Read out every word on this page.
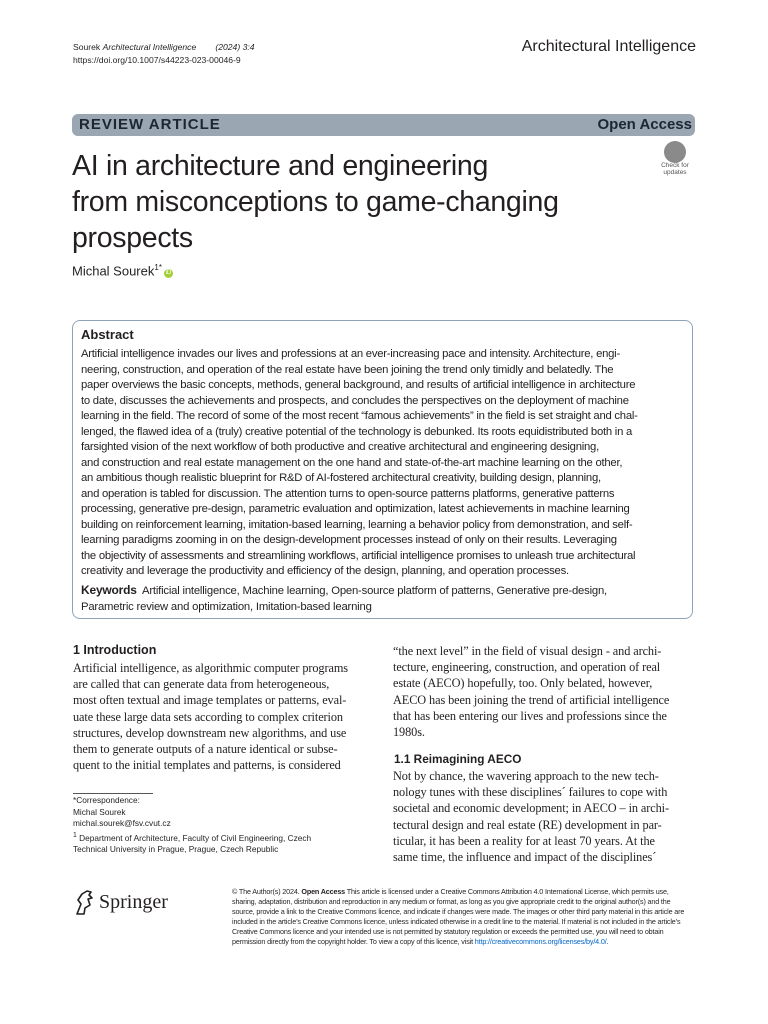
Sourek Architectural Intelligence (2024) 3:4
https://doi.org/10.1007/s44223-023-00046-9
Architectural Intelligence
REVIEW ARTICLE	Open Access
AI in architecture and engineering
from misconceptions to game-changing
prospects
Check for
updates
Michal Sourek$^{1*}$iD
Abstract
Artificial intelligence invades our lives and professions at an ever-increasing pace and intensity. Architecture, engi-
neering, construction, and operation of the real estate have been joining the trend only timidly and belatedly. The
paper overviews the basic concepts, methods, general background, and results of artificial intelligence in architecture
to date, discusses the achievements and prospects, and concludes the perspectives on the deployment of machine
learning in the field. The record of some of the most recent “famous achievements” in the field is set straight and chal-
lenged, the flawed idea of a (truly) creative potential of the technology is debunked. Its roots equidistributed both in a
farsighted vision of the next workflow of both productive and creative architectural and engineering designing,
and construction and real estate management on the one hand and state-of-the-art machine learning on the other,
an ambitious though realistic blueprint for R&D of AI-fostered architectural creativity, building design, planning,
and operation is tabled for discussion. The attention turns to open-source patterns platforms, generative patterns
processing, generative pre-design, parametric evaluation and optimization, latest achievements in machine learning
building on reinforcement learning, imitation-based learning, learning a behavior policy from demonstration, and self-
learning paradigms zooming in on the design-development processes instead of only on their results. Leveraging
the objectivity of assessments and streamlining workflows, artificial intelligence promises to unleash true architectural
creativity and leverage the productivity and efficiency of the design, planning, and operation processes.
Keywords Artificial intelligence, Machine learning, Open-source platform of patterns, Generative pre-design,
Parametric review and optimization, Imitation-based learning
1 Introduction
Artificial intelligence, as algorithmic computer programs
are called that can generate data from heterogeneous,
most often textual and image templates or patterns, eval-
uate these large data sets according to complex criterion
structures, develop downstream new algorithms, and use
them to generate outputs of a nature identical or subse-
quent to the initial templates and patterns, is considered
“the next level” in the field of visual design - and archi-
tecture, engineering, construction, and operation of real
estate (AECO) hopefully, too. Only belated, however,
AECO has been joining the trend of artificial intelligence
that has been entering our lives and professions since the
1980s.
1.1 Reimagining AECO
Not by chance, the wavering approach to the new tech-
nology tunes with these disciplines´ failures to cope with
societal and economic development; in AECO – in archi-
tectural design and real estate (RE) development in par-
ticular, it has been a reality for at least 70 years. At the
same time, the influence and impact of the disciplines´
*Correspondence:
Michal Sourek
michal.sourek@fsv.cvut.cz
$^1$ Department of Architecture, Faculty of Civil Engineering, Czech
Technical University in Prague, Prague, Czech Republic
Springer	© The Author(s) 2024. Open Access This article is licensed under a Creative Commons Attribution 4.0 International License, which permits use, sharing, adaptation, distribution and reproduction in any medium or format, as long as you give appropriate credit to the original author(s) and the source, provide a link to the Creative Commons licence, and indicate if changes were made. The images or other third party material in this article are included in the article’s Creative Commons licence, unless indicated otherwise in a credit line to the material. If material is not included in the article’s Creative Commons licence and your intended use is not permitted by statutory regulation or exceeds the permitted use, you will need to obtain permission directly from the copyright holder. To view a copy of this licence, visit http://creativecommons.org/licenses/by/4.0/.
